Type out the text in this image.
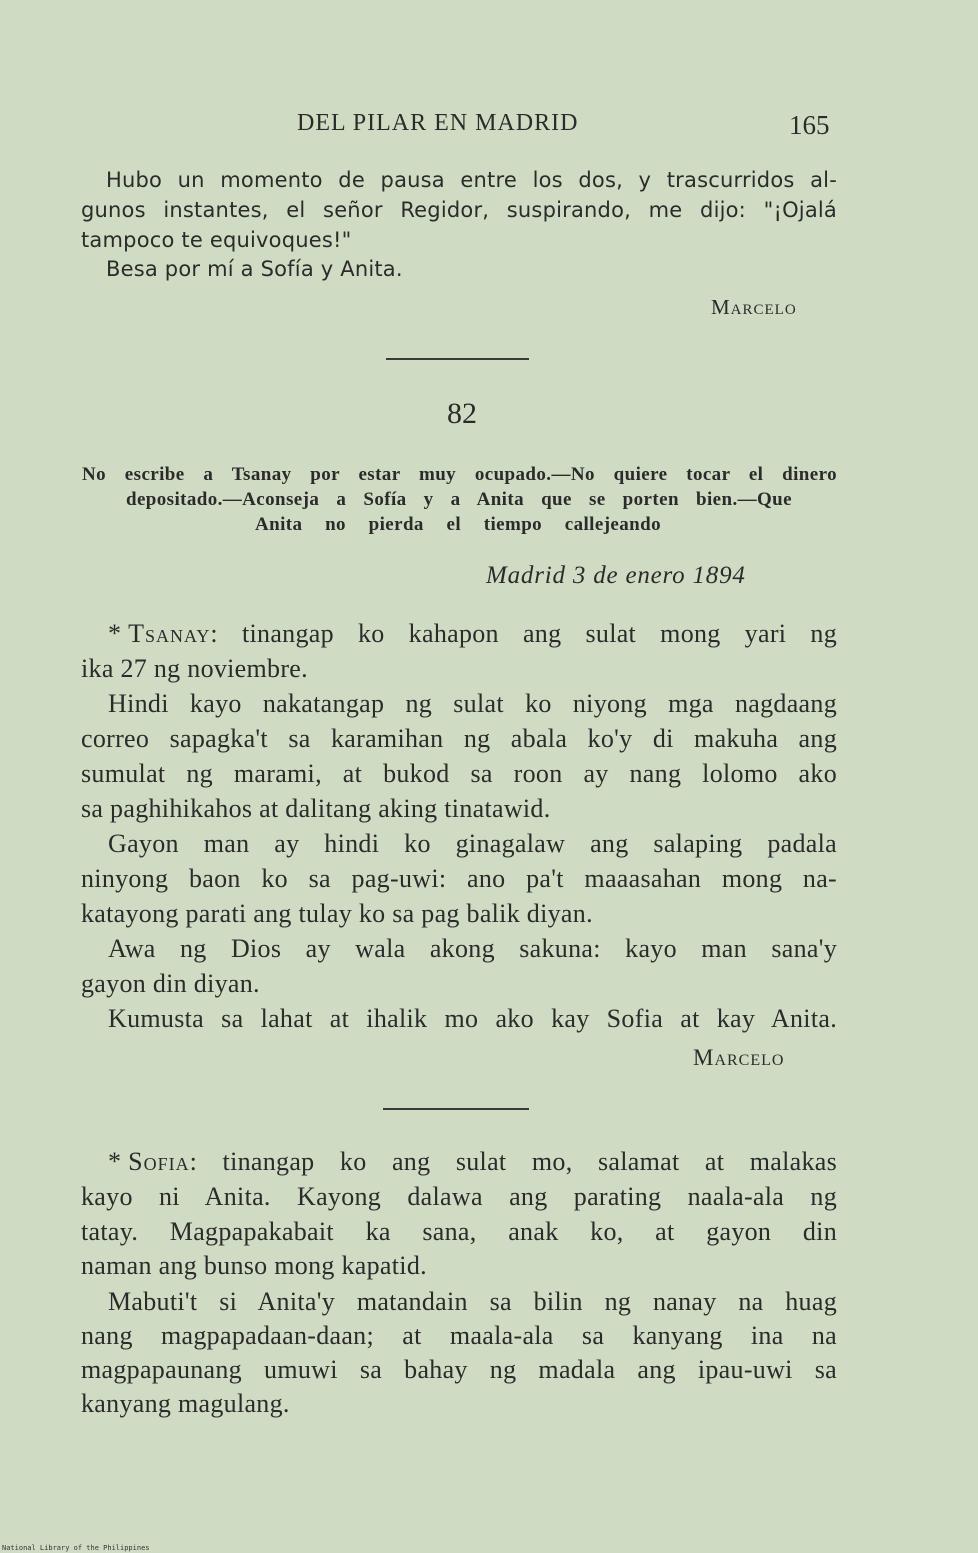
DEL PILAR EN MADRID	165
Hubo un momento de pausa entre los dos, y trascurridos al-
gunos instantes, el señor Regidor, suspirando, me dijo: "¡Ojalá
tampoco te equivoques!"
Besa por mí a Sofía y Anita.
Marcelo
82
No escribe a Tsanay por estar muy ocupado.—No quiere tocar el dinero
depositado.—Aconseja a Sofía y a Anita que se porten bien.—Que
Anita no pierda el tiempo callejeando
Madrid 3 de enero 1894
* Tsanay : tinangap ko kahapon ang sulat mong yari ng
ika 27 ng noviembre.
Hindi kayo nakatangap ng sulat ko niyong mga nagdaang
correo sapagka't sa karamihan ng abala ko'y di makuha ang
sumulat ng marami, at bukod sa roon ay nang lolomo ako
sa paghihikahos at dalitang aking tinatawid.
Gayon man ay hindi ko ginagalaw ang salaping padala
ninyong baon ko sa pag-uwi: ano pa't maaasahan mong na-
katayong parati ang tulay ko sa pag balik diyan.
Awa ng Dios ay wala akong sakuna: kayo man sana'y
gayon din diyan.
Kumusta sa lahat at ihalik mo ako kay Sofia at kay Anita.
Marcelo
* Sofia : tinangap ko ang sulat mo, salamat at malakas
kayo ni Anita. Kayong dalawa ang parating naala-ala ng
tatay. Magpapakabait ka sana, anak ko, at gayon din
naman ang bunso mong kapatid.
Mabuti't si Anita'y matandain sa bilin ng nanay na huag
nang magpapadaan-daan; at maala-ala sa kanyang ina na
magpapaunang umuwi sa bahay ng madala ang ipau-uwi sa
kanyang magulang.
National Library of the Philippines
